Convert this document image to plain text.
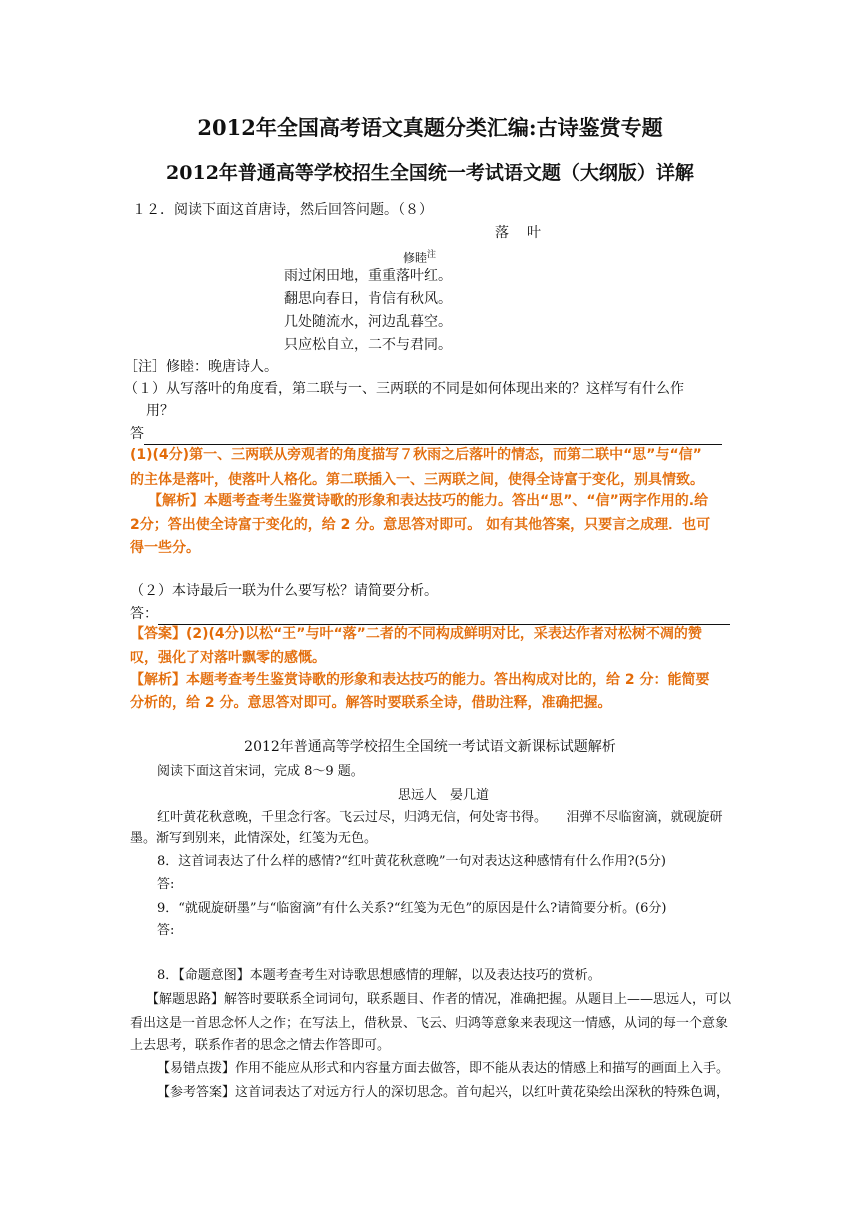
2012年全国高考语文真题分类汇编:古诗鉴赏专题
2012年普通高等学校招生全国统一考试语文题（大纲版）详解
１２．阅读下面这首唐诗，然后回答问题。（８）
落　叶
修睦$^注$
雨过闲田地，重重落叶红。
翻思向春日，肯信有秋风。
几处随流水，河边乱暮空。
只应松自立，二不与君同。
［注］修睦：晚唐诗人。
（１）从写落叶的角度看，第二联与一、三两联的不同是如何体现出来的？这样写有什么作
用？
答
(1)(4分)第一、三两联从旁观者的角度描写７秋雨之后落叶的情态，而第二联中“思”与“信”
的主体是落叶，使落叶人格化。第二联插入一、三两联之间，使得全诗富于变化，别具情致。
【解析】本题考查考生鉴赏诗歌的形象和表达技巧的能力。答出“思”、“信”两字作用的.给
2分；答出使全诗富于变化的，给 2 分。意思答对即可。 如有其他答案，只要言之成理．也可
得一些分。
（２）本诗最后一联为什么要写松？请简要分析。
答：
【答案】(2)(4分)以松“王”与叶“落”二者的不同构成鲜明对比，采表达作者对松树不凋的赞
叹，强化了对落叶飘零的感慨。
【解析】本题考查考生鉴赏诗歌的形象和表达技巧的能力。答出构成对比的，给 2 分：能简要
分析的，给 2 分。意思答对即可。解答时要联系全诗，借助注释，准确把握。
2012年普通高等学校招生全国统一考试语文新课标试题解析
阅读下面这首宋词，完成 8～9 题。
思远人　晏几道
红叶黄花秋意晚，千里念行客。飞云过尽，归鸿无信，何处寄书得。　　泪弹不尽临窗滴，就砚旋研
墨。渐写到别来，此情深处，红笺为无色。
8．这首词表达了什么样的感情?“红叶黄花秋意晚”一句对表达这种感情有什么作用?(5分)
答:
9．“就砚旋研墨”与“临窗滴”有什么关系?“红笺为无色”的原因是什么?请简要分析。(6分)
答:
8．【命题意图】本题考查考生对诗歌思想感情的理解，以及表达技巧的赏析。
【解题思路】解答时要联系全词词句，联系题目、作者的情况，准确把握。从题目上——思远人，可以
看出这是一首思念怀人之作；在写法上，借秋景、飞云、归鸿等意象来表现这一情感，从词的每一个意象
上去思考，联系作者的思念之情去作答即可。
【易错点拨】作用不能应从形式和内容量方面去做答，即不能从表达的情感上和描写的画面上入手。
【参考答案】这首词表达了对远方行人的深切思念。首句起兴，以红叶黄花染绘出深秋的特殊色调，
